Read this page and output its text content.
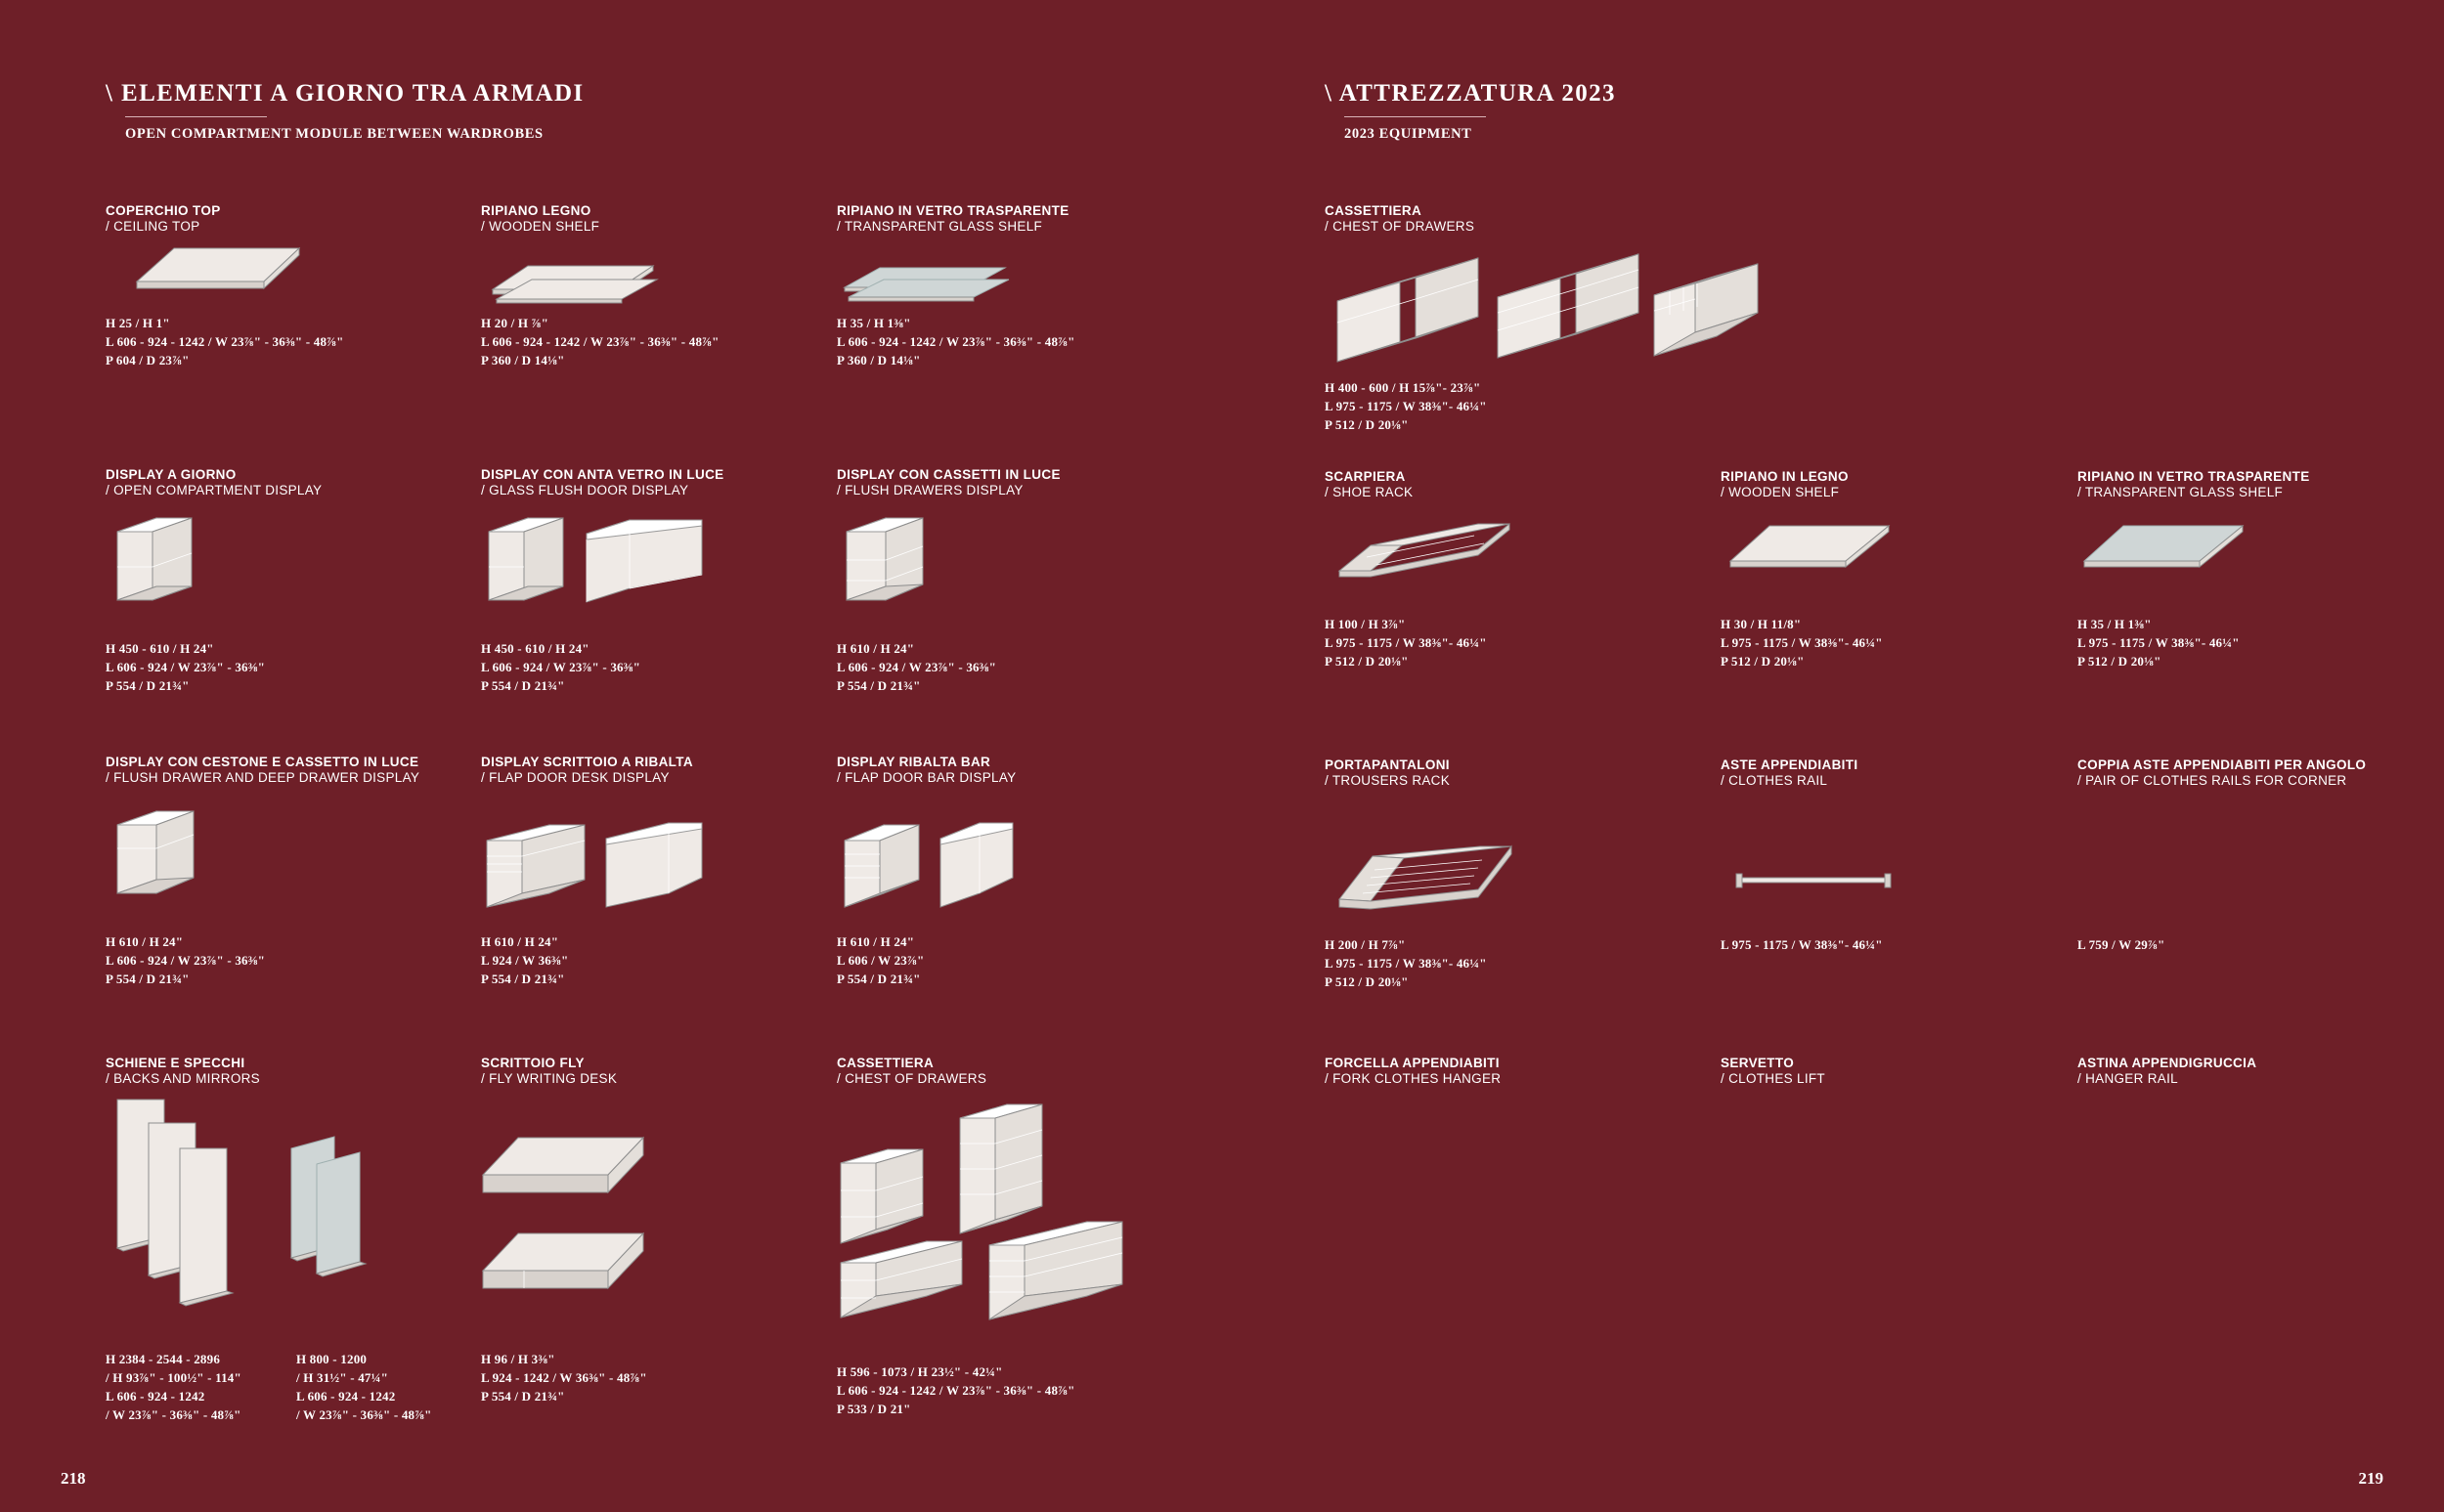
\ ELEMENTI A GIORNO TRA ARMADI
OPEN COMPARTMENT MODULE BETWEEN WARDROBES
COPERCHIO TOP
/ CEILING TOP
H 25 / H 1"
L 606 - 924 - 1242 / W 23⅞" - 36⅜" - 48⅞"
P 604 / D 23⅞"
RIPIANO LEGNO
/ WOODEN SHELF
H 20 / H ⅞"
L 606 - 924 - 1242 / W 23⅞" - 36⅜" - 48⅞"
P 360 / D 14⅛"
RIPIANO IN VETRO TRASPARENTE
/ TRANSPARENT GLASS SHELF
H 35 / H 1⅜"
L 606 - 924 - 1242 / W 23⅞" - 36⅜" - 48⅞"
P 360 / D 14⅛"
DISPLAY A GIORNO
/ OPEN COMPARTMENT DISPLAY
H 450 - 610 / H 24"
L 606 - 924 / W 23⅞" - 36⅜"
P 554 / D 21¾"
DISPLAY CON ANTA VETRO IN LUCE
/ GLASS FLUSH DOOR DISPLAY
H 450 - 610 / H 24"
L 606 - 924 / W 23⅞" - 36⅜"
P 554 / D 21¾"
DISPLAY CON CASSETTI IN LUCE
/ FLUSH DRAWERS DISPLAY
H 610 / H 24"
L 606 - 924 / W 23⅞" - 36⅜"
P 554 / D 21¾"
DISPLAY CON CESTONE E CASSETTO IN LUCE
/ FLUSH DRAWER AND DEEP DRAWER DISPLAY
H 610 / H 24"
L 606 - 924 / W 23⅞" - 36⅜"
P 554 / D 21¾"
DISPLAY SCRITTOIO A RIBALTA
/ FLAP DOOR DESK DISPLAY
H 610 / H 24"
L 924 / W 36⅜"
P 554 / D 21¾"
DISPLAY RIBALTA BAR
/ FLAP DOOR BAR DISPLAY
H 610 / H 24"
L 606 / W 23⅞"
P 554 / D 21¾"
SCHIENE E SPECCHI
/ BACKS AND MIRRORS
H 2384 - 2544 - 2896
/ H 93⅞" - 100½" - 114"
L 606 - 924 - 1242
/ W 23⅞" - 36⅜" - 48⅞"
H 800 - 1200
/ H 31½" - 47¼"
L 606 - 924 - 1242
/ W 23⅞" - 36⅜" - 48⅞"
SCRITTOIO FLY
/ FLY WRITING DESK
H 96 / H 3⅜"
L 924 - 1242 / W 36⅜" - 48⅞"
P 554 / D 21¾"
CASSETTIERA
/ CHEST OF DRAWERS
H 596 - 1073 / H 23½" - 42¼"
L 606 - 924 - 1242 / W 23⅞" - 36⅜" - 48⅞"
P 533 / D 21"
218
\ ATTREZZATURA 2023
2023 EQUIPMENT
CASSETTIERA
/ CHEST OF DRAWERS
H 400 - 600 / H 15⅞"- 23⅞"
L 975 - 1175 / W 38⅜"- 46¼"
P 512 / D 20⅛"
SCARPIERA
/ SHOE RACK
H 100 / H 3⅞"
L 975 - 1175 / W 38⅜"- 46¼"
P 512 / D 20⅛"
RIPIANO IN LEGNO
/ WOODEN SHELF
H 30 / H 11/8"
L 975 - 1175 / W 38⅜"- 46¼"
P 512 / D 20⅛"
RIPIANO IN VETRO TRASPARENTE
/ TRANSPARENT GLASS SHELF
H 35 / H 1⅜"
L 975 - 1175 / W 38⅜"- 46¼"
P 512 / D 20⅛"
PORTAPANTALONI
/ TROUSERS RACK
H 200 / H 7⅞"
L 975 - 1175 / W 38⅜"- 46¼"
P 512 / D 20⅛"
ASTE APPENDIABITI
/ CLOTHES RAIL
L 975 - 1175 / W 38⅜"- 46¼"
COPPIA ASTE APPENDIABITI PER ANGOLO / PAIR OF CLOTHES RAILS FOR CORNER
L 759 / W 29⅞"
FORCELLA APPENDIABITI
/ FORK CLOTHES HANGER
SERVETTO
/ CLOTHES LIFT
ASTINA APPENDIGRUCCIA
/ HANGER RAIL
219
